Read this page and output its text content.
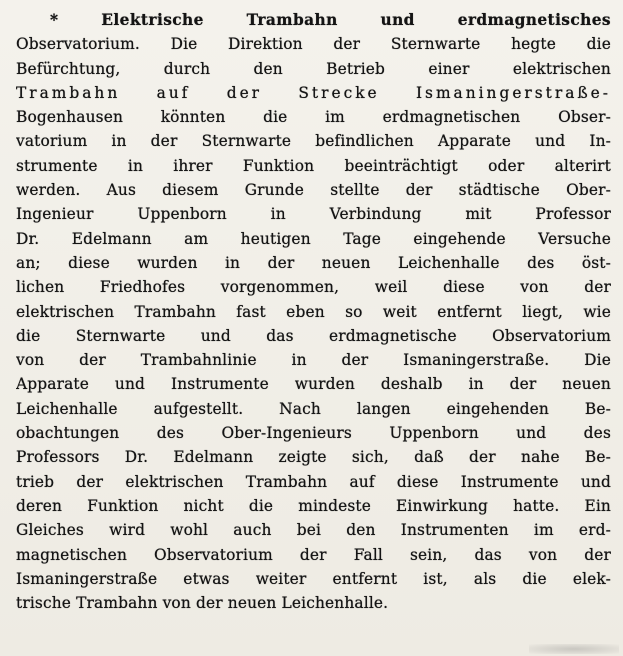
* Elektrische Trambahn und erdmagnetisches
Observatorium. Die Direktion der Sternwarte hegte die
Befürchtung, durch den Betrieb einer elektrischen
Trambahn auf der Strecke Ismaningerstraße-
Bogenhausen könnten die im erdmagnetischen Obser-
vatorium in der Sternwarte befindlichen Apparate und In-
strumente in ihrer Funktion beeinträchtigt oder alterirt
werden. Aus diesem Grunde stellte der städtische Ober-
Ingenieur Uppenborn in Verbindung mit Professor
Dr. Edelmann am heutigen Tage eingehende Versuche
an; diese wurden in der neuen Leichenhalle des öst-
lichen Friedhofes vorgenommen, weil diese von der
elektrischen Trambahn fast eben so weit entfernt liegt, wie
die Sternwarte und das erdmagnetische Observatorium
von der Trambahnlinie in der Ismaningerstraße. Die
Apparate und Instrumente wurden deshalb in der neuen
Leichenhalle aufgestellt. Nach langen eingehenden Be-
obachtungen des Ober-Ingenieurs Uppenborn und des
Professors Dr. Edelmann zeigte sich, daß der nahe Be-
trieb der elektrischen Trambahn auf diese Instrumente und
deren Funktion nicht die mindeste Einwirkung hatte. Ein
Gleiches wird wohl auch bei den Instrumenten im erd-
magnetischen Observatorium der Fall sein, das von der
Ismaningerstraße etwas weiter entfernt ist, als die elek-
trische Trambahn von der neuen Leichenhalle.
